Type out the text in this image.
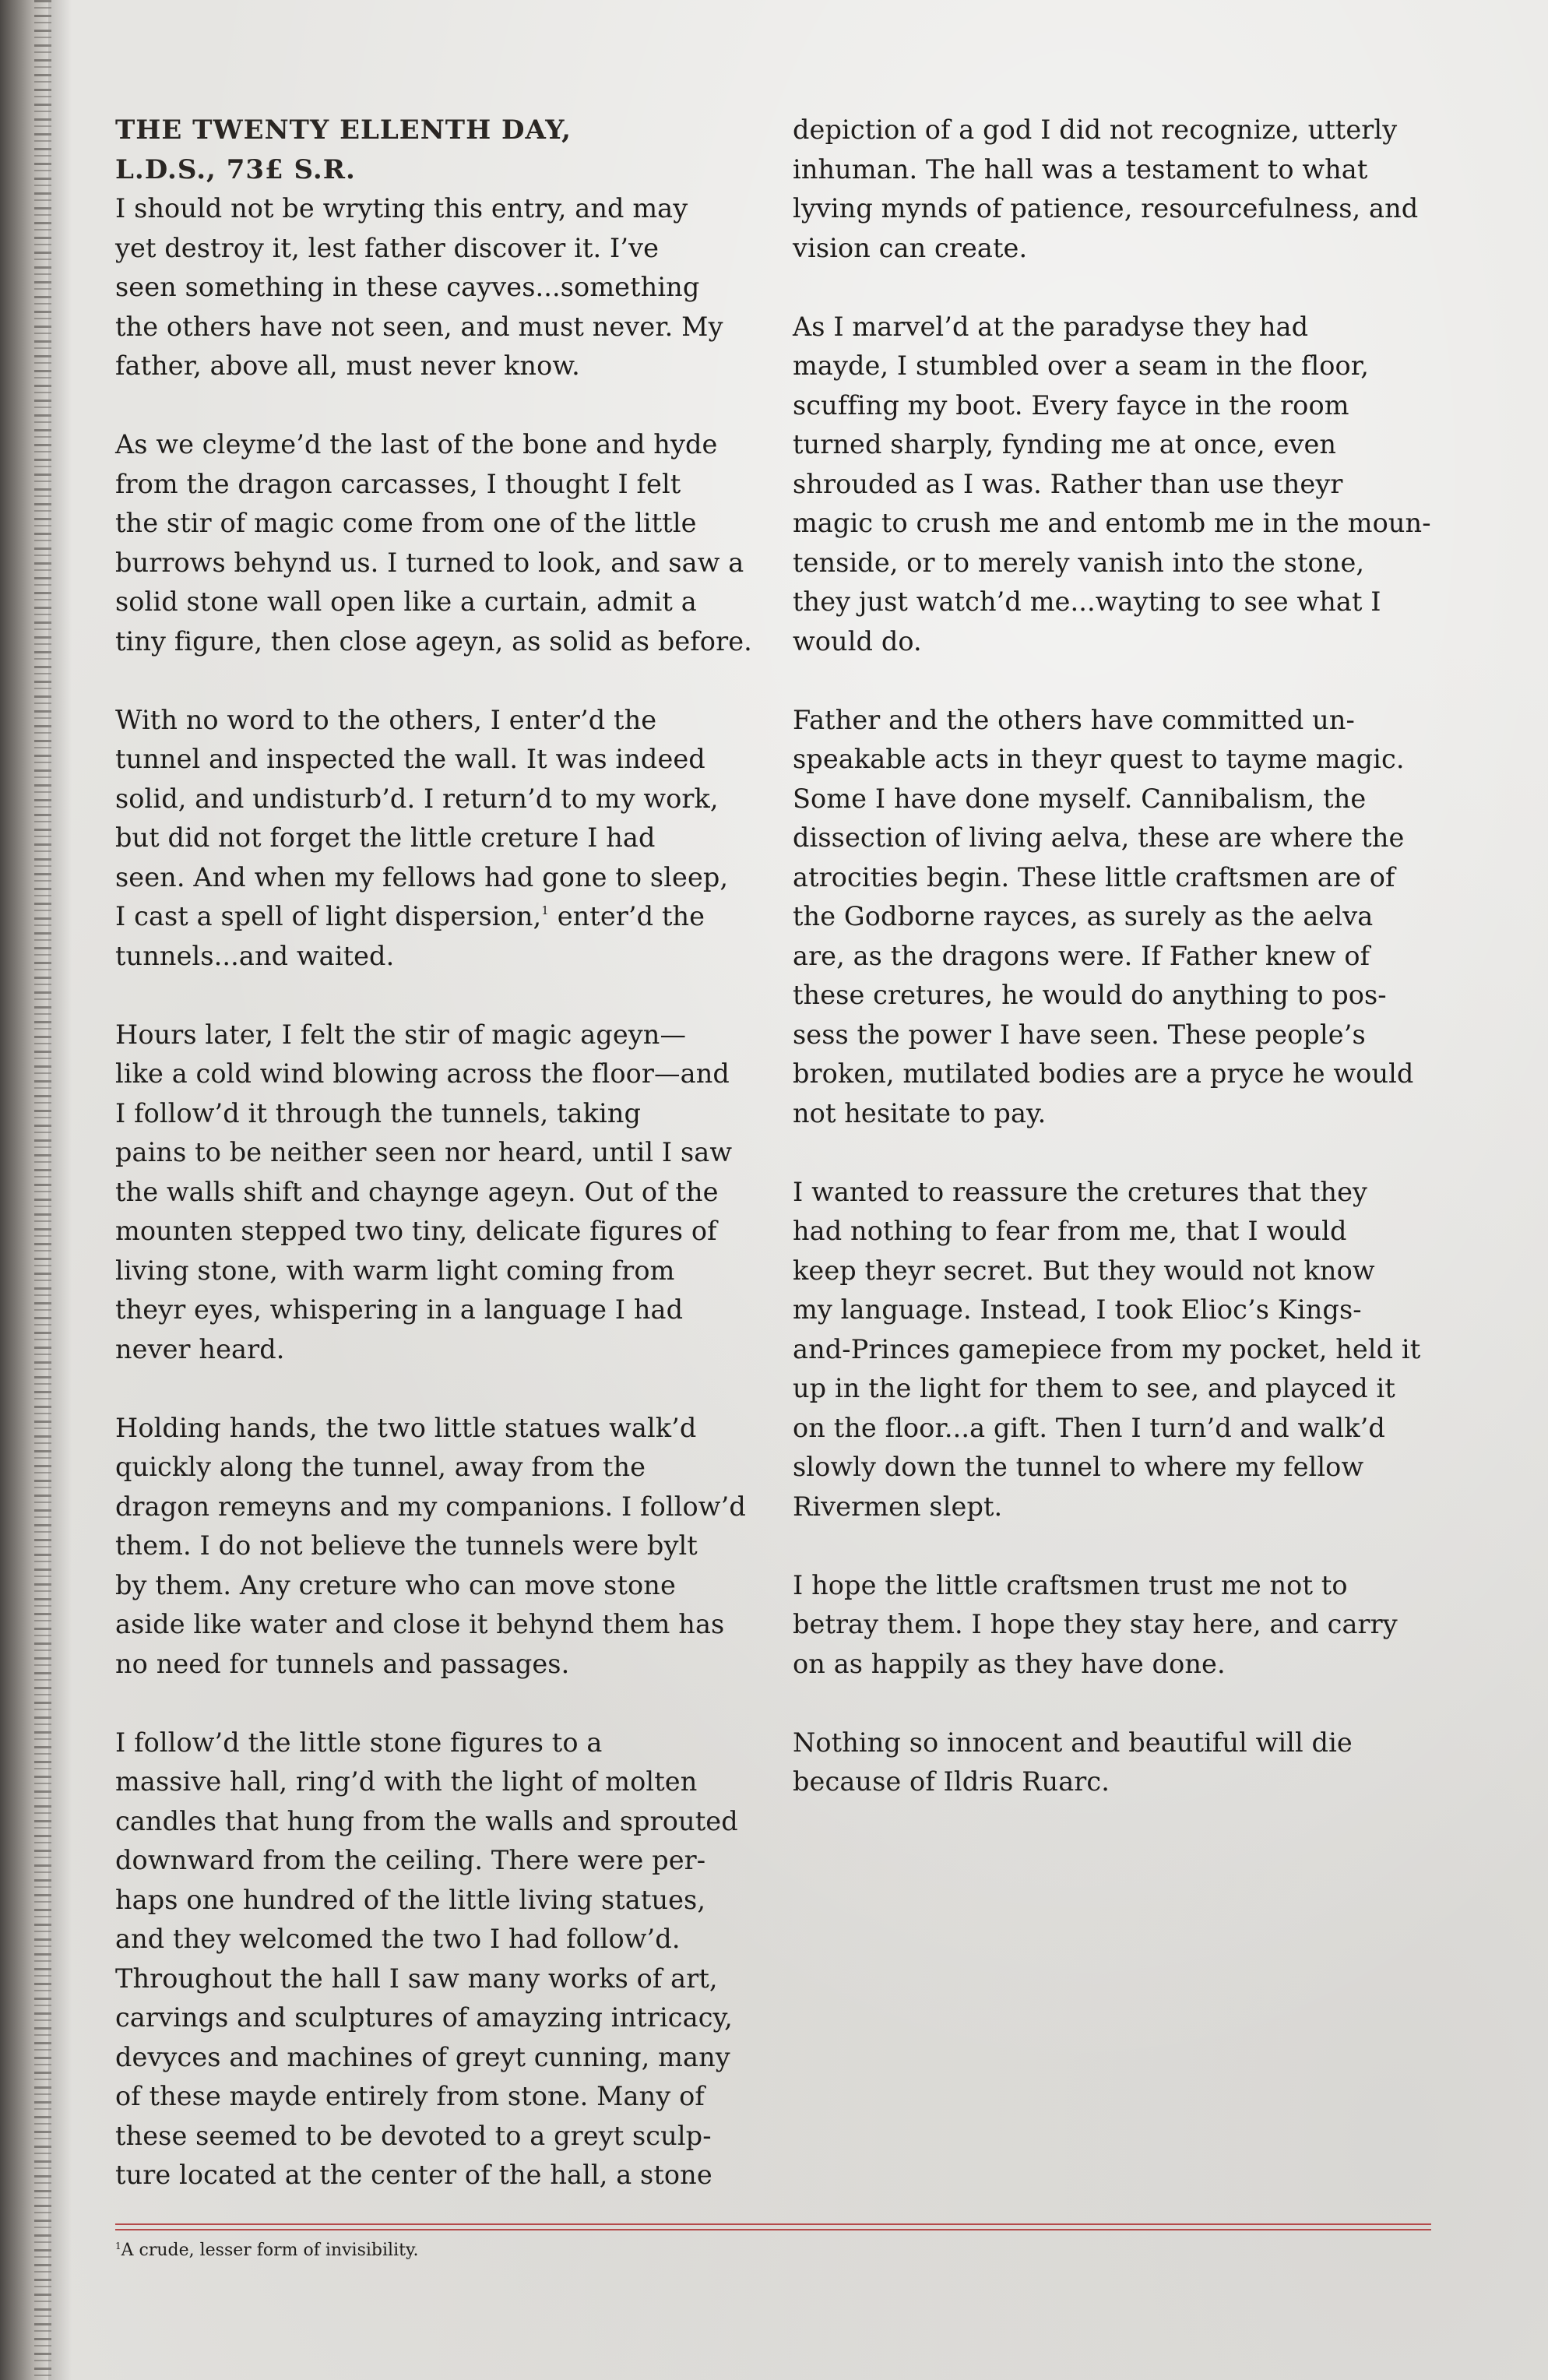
THE TWENTY ELLENTH DAY,
L.D.S., 73£ S.R.
I should not be wryting this entry, and may
yet destroy it, lest father discover it. I’ve
seen something in these cayves...something
the others have not seen, and must never. My
father, above all, must never know.
As we cleyme’d the last of the bone and hyde
from the dragon carcasses, I thought I felt
the stir of magic come from one of the little
burrows behynd us. I turned to look, and saw a
solid stone wall open like a curtain, admit a
tiny figure, then close ageyn, as solid as before.
With no word to the others, I enter’d the
tunnel and inspected the wall. It was indeed
solid, and undisturb’d. I return’d to my work,
but did not forget the little creture I had
seen. And when my fellows had gone to sleep,
I cast a spell of light dispersion,$^1$ enter’d the
tunnels...and waited.
Hours later, I felt the stir of magic ageyn—
like a cold wind blowing across the floor—and
I follow’d it through the tunnels, taking
pains to be neither seen nor heard, until I saw
the walls shift and chaynge ageyn. Out of the
mounten stepped two tiny, delicate figures of
living stone, with warm light coming from
theyr eyes, whispering in a language I had
never heard.
Holding hands, the two little statues walk’d
quickly along the tunnel, away from the
dragon remeyns and my companions. I follow’d
them. I do not believe the tunnels were bylt
by them. Any creture who can move stone
aside like water and close it behynd them has
no need for tunnels and passages.
I follow’d the little stone figures to a
massive hall, ring’d with the light of molten
candles that hung from the walls and sprouted
downward from the ceiling. There were per-
haps one hundred of the little living statues,
and they welcomed the two I had follow’d.
Throughout the hall I saw many works of art,
carvings and sculptures of amayzing intricacy,
devyces and machines of greyt cunning, many
of these mayde entirely from stone. Many of
these seemed to be devoted to a greyt sculp-
ture located at the center of the hall, a stone
depiction of a god I did not recognize, utterly
inhuman. The hall was a testament to what
lyving mynds of patience, resourcefulness, and
vision can create.
As I marvel’d at the paradyse they had
mayde, I stumbled over a seam in the floor,
scuffing my boot. Every fayce in the room
turned sharply, fynding me at once, even
shrouded as I was. Rather than use theyr
magic to crush me and entomb me in the moun-
tenside, or to merely vanish into the stone,
they just watch’d me...wayting to see what I
would do.
Father and the others have committed un-
speakable acts in theyr quest to tayme magic.
Some I have done myself. Cannibalism, the
dissection of living aelva, these are where the
atrocities begin. These little craftsmen are of
the Godborne rayces, as surely as the aelva
are, as the dragons were. If Father knew of
these cretures, he would do anything to pos-
sess the power I have seen. These people’s
broken, mutilated bodies are a pryce he would
not hesitate to pay.
I wanted to reassure the cretures that they
had nothing to fear from me, that I would
keep theyr secret. But they would not know
my language. Instead, I took Elioc’s Kings-
and-Princes gamepiece from my pocket, held it
up in the light for them to see, and playced it
on the floor...a gift. Then I turn’d and walk’d
slowly down the tunnel to where my fellow
Rivermen slept.
I hope the little craftsmen trust me not to
betray them. I hope they stay here, and carry
on as happily as they have done.
Nothing so innocent and beautiful will die
because of Ildris Ruarc.
$^1$A crude, lesser form of invisibility.
